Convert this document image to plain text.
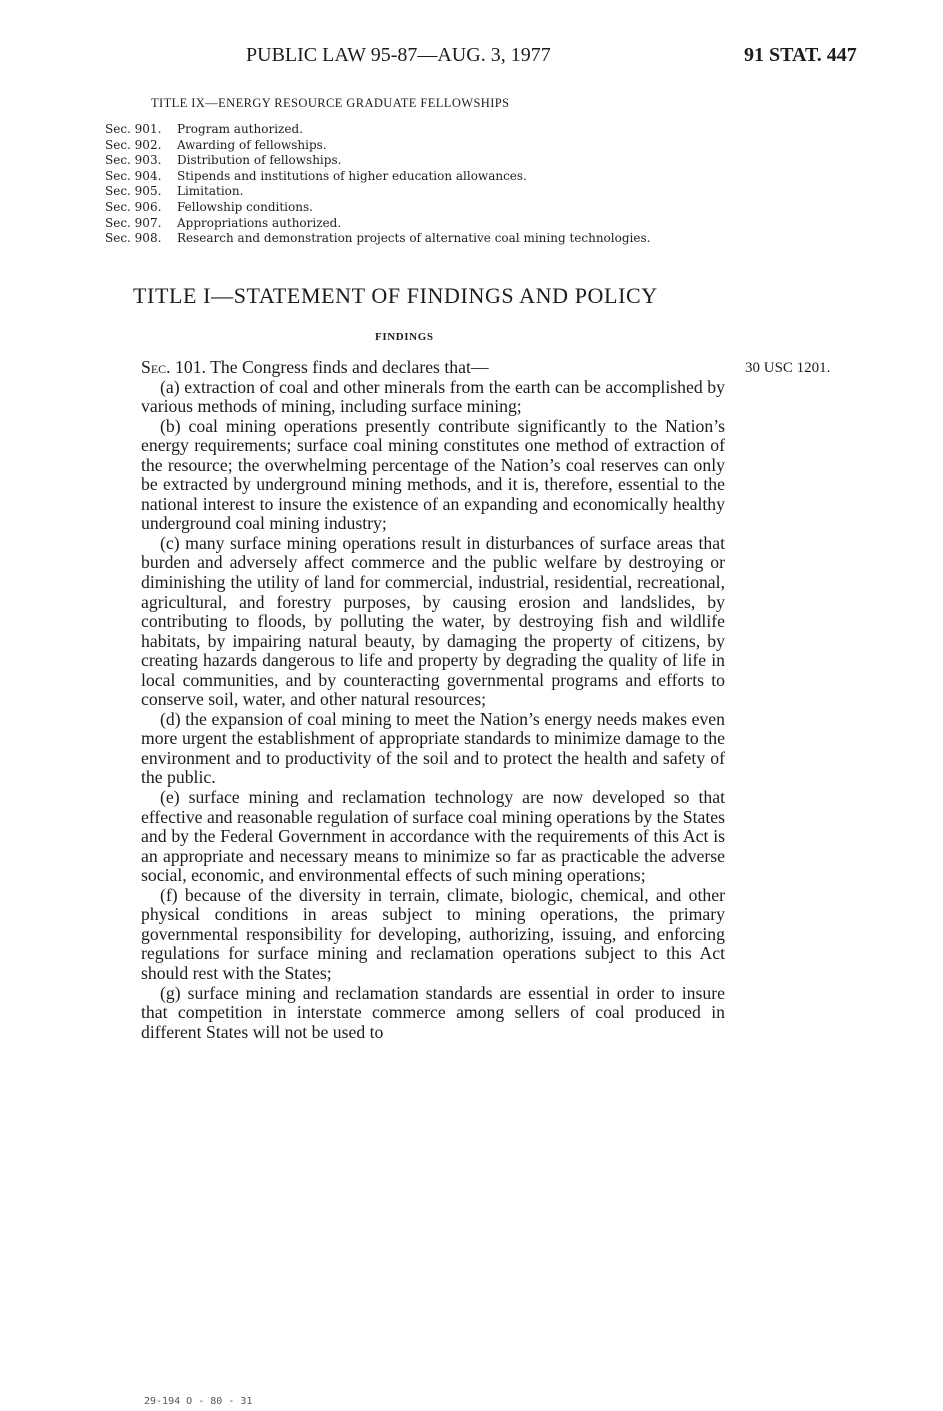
PUBLIC LAW 95-87—AUG. 3, 1977	91 STAT. 447
TITLE IX—ENERGY RESOURCE GRADUATE FELLOWSHIPS
Sec. 901.	Program authorized.
Sec. 902.	Awarding of fellowships.
Sec. 903.	Distribution of fellowships.
Sec. 904.	Stipends and institutions of higher education allowances.
Sec. 905.	Limitation.
Sec. 906.	Fellowship conditions.
Sec. 907.	Appropriations authorized.
Sec. 908.	Research and demonstration projects of alternative coal mining technologies.
TITLE I—STATEMENT OF FINDINGS AND POLICY
FINDINGS
30 USC 1201.

Sec. 101. The Congress finds and declares that—

(a) extraction of coal and other minerals from the earth can be accomplished by various methods of mining, including surface mining;

(b) coal mining operations presently contribute significantly to the Nation’s energy requirements; surface coal mining constitutes one method of extraction of the resource; the overwhelming percentage of the Nation’s coal reserves can only be extracted by underground mining methods, and it is, therefore, essential to the national interest to insure the existence of an expanding and economically healthy underground coal mining industry;

(c) many surface mining operations result in disturbances of surface areas that burden and adversely affect commerce and the public welfare by destroying or diminishing the utility of land for commercial, industrial, residential, recreational, agricultural, and forestry purposes, by causing erosion and landslides, by contributing to floods, by polluting the water, by destroying fish and wildlife habitats, by impairing natural beauty, by damaging the property of citizens, by creating hazards dangerous to life and property by degrading the quality of life in local communities, and by counteracting governmental programs and efforts to conserve soil, water, and other natural resources;

(d) the expansion of coal mining to meet the Nation’s energy needs makes even more urgent the establishment of appropriate standards to minimize damage to the environment and to productivity of the soil and to protect the health and safety of the public.

(e) surface mining and reclamation technology are now developed so that effective and reasonable regulation of surface coal mining operations by the States and by the Federal Government in accordance with the requirements of this Act is an appropriate and necessary means to minimize so far as practicable the adverse social, economic, and environmental effects of such mining operations;

(f) because of the diversity in terrain, climate, biologic, chemical, and other physical conditions in areas subject to mining operations, the primary governmental responsibility for developing, authorizing, issuing, and enforcing regulations for surface mining and reclamation operations subject to this Act should rest with the States;

(g) surface mining and reclamation standards are essential in order to insure that competition in interstate commerce among sellers of coal produced in different States will not be used to

29-194 O - 80 - 31
